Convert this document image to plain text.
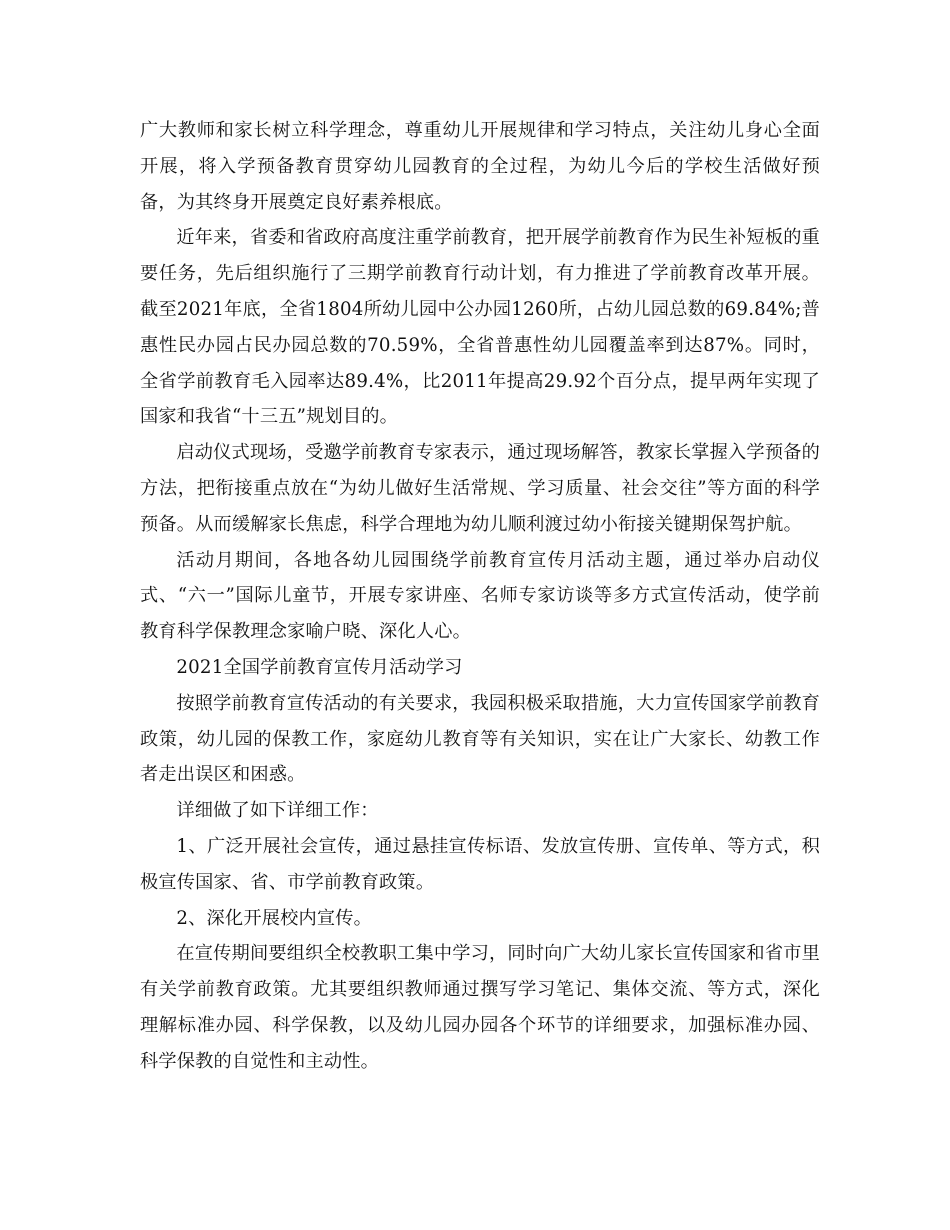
广大教师和家长树立科学理念，尊重幼儿开展规律和学习特点，关注幼儿身心全面开展，将入学预备教育贯穿幼儿园教育的全过程，为幼儿今后的学校生活做好预备，为其终身开展奠定良好素养根底。

近年来，省委和省政府高度注重学前教育，把开展学前教育作为民生补短板的重要任务，先后组织施行了三期学前教育行动计划，有力推进了学前教育改革开展。截至2021年底，全省1804所幼儿园中公办园1260所，占幼儿园总数的69.84%;普惠性民办园占民办园总数的70.59%，全省普惠性幼儿园覆盖率到达87%。同时，全省学前教育毛入园率达89.4%，比2011年提高29.92个百分点，提早两年实现了国家和我省“十三五”规划目的。

启动仪式现场，受邀学前教育专家表示，通过现场解答，教家长掌握入学预备的方法，把衔接重点放在“为幼儿做好生活常规、学习质量、社会交往”等方面的科学预备。从而缓解家长焦虑，科学合理地为幼儿顺利渡过幼小衔接关键期保驾护航。

活动月期间，各地各幼儿园围绕学前教育宣传月活动主题，通过举办启动仪式、“六一”国际儿童节，开展专家讲座、名师专家访谈等多方式宣传活动，使学前教育科学保教理念家喻户晓、深化人心。

2021全国学前教育宣传月活动学习

按照学前教育宣传活动的有关要求，我园积极采取措施，大力宣传国家学前教育政策，幼儿园的保教工作，家庭幼儿教育等有关知识，实在让广大家长、幼教工作者走出误区和困惑。

详细做了如下详细工作：

1、广泛开展社会宣传，通过悬挂宣传标语、发放宣传册、宣传单、等方式，积极宣传国家、省、市学前教育政策。

2、深化开展校内宣传。

在宣传期间要组织全校教职工集中学习，同时向广大幼儿家长宣传国家和省市里有关学前教育政策。尤其要组织教师通过撰写学习笔记、集体交流、等方式，深化理解标准办园、科学保教，以及幼儿园办园各个环节的详细要求，加强标准办园、科学保教的自觉性和主动性。
